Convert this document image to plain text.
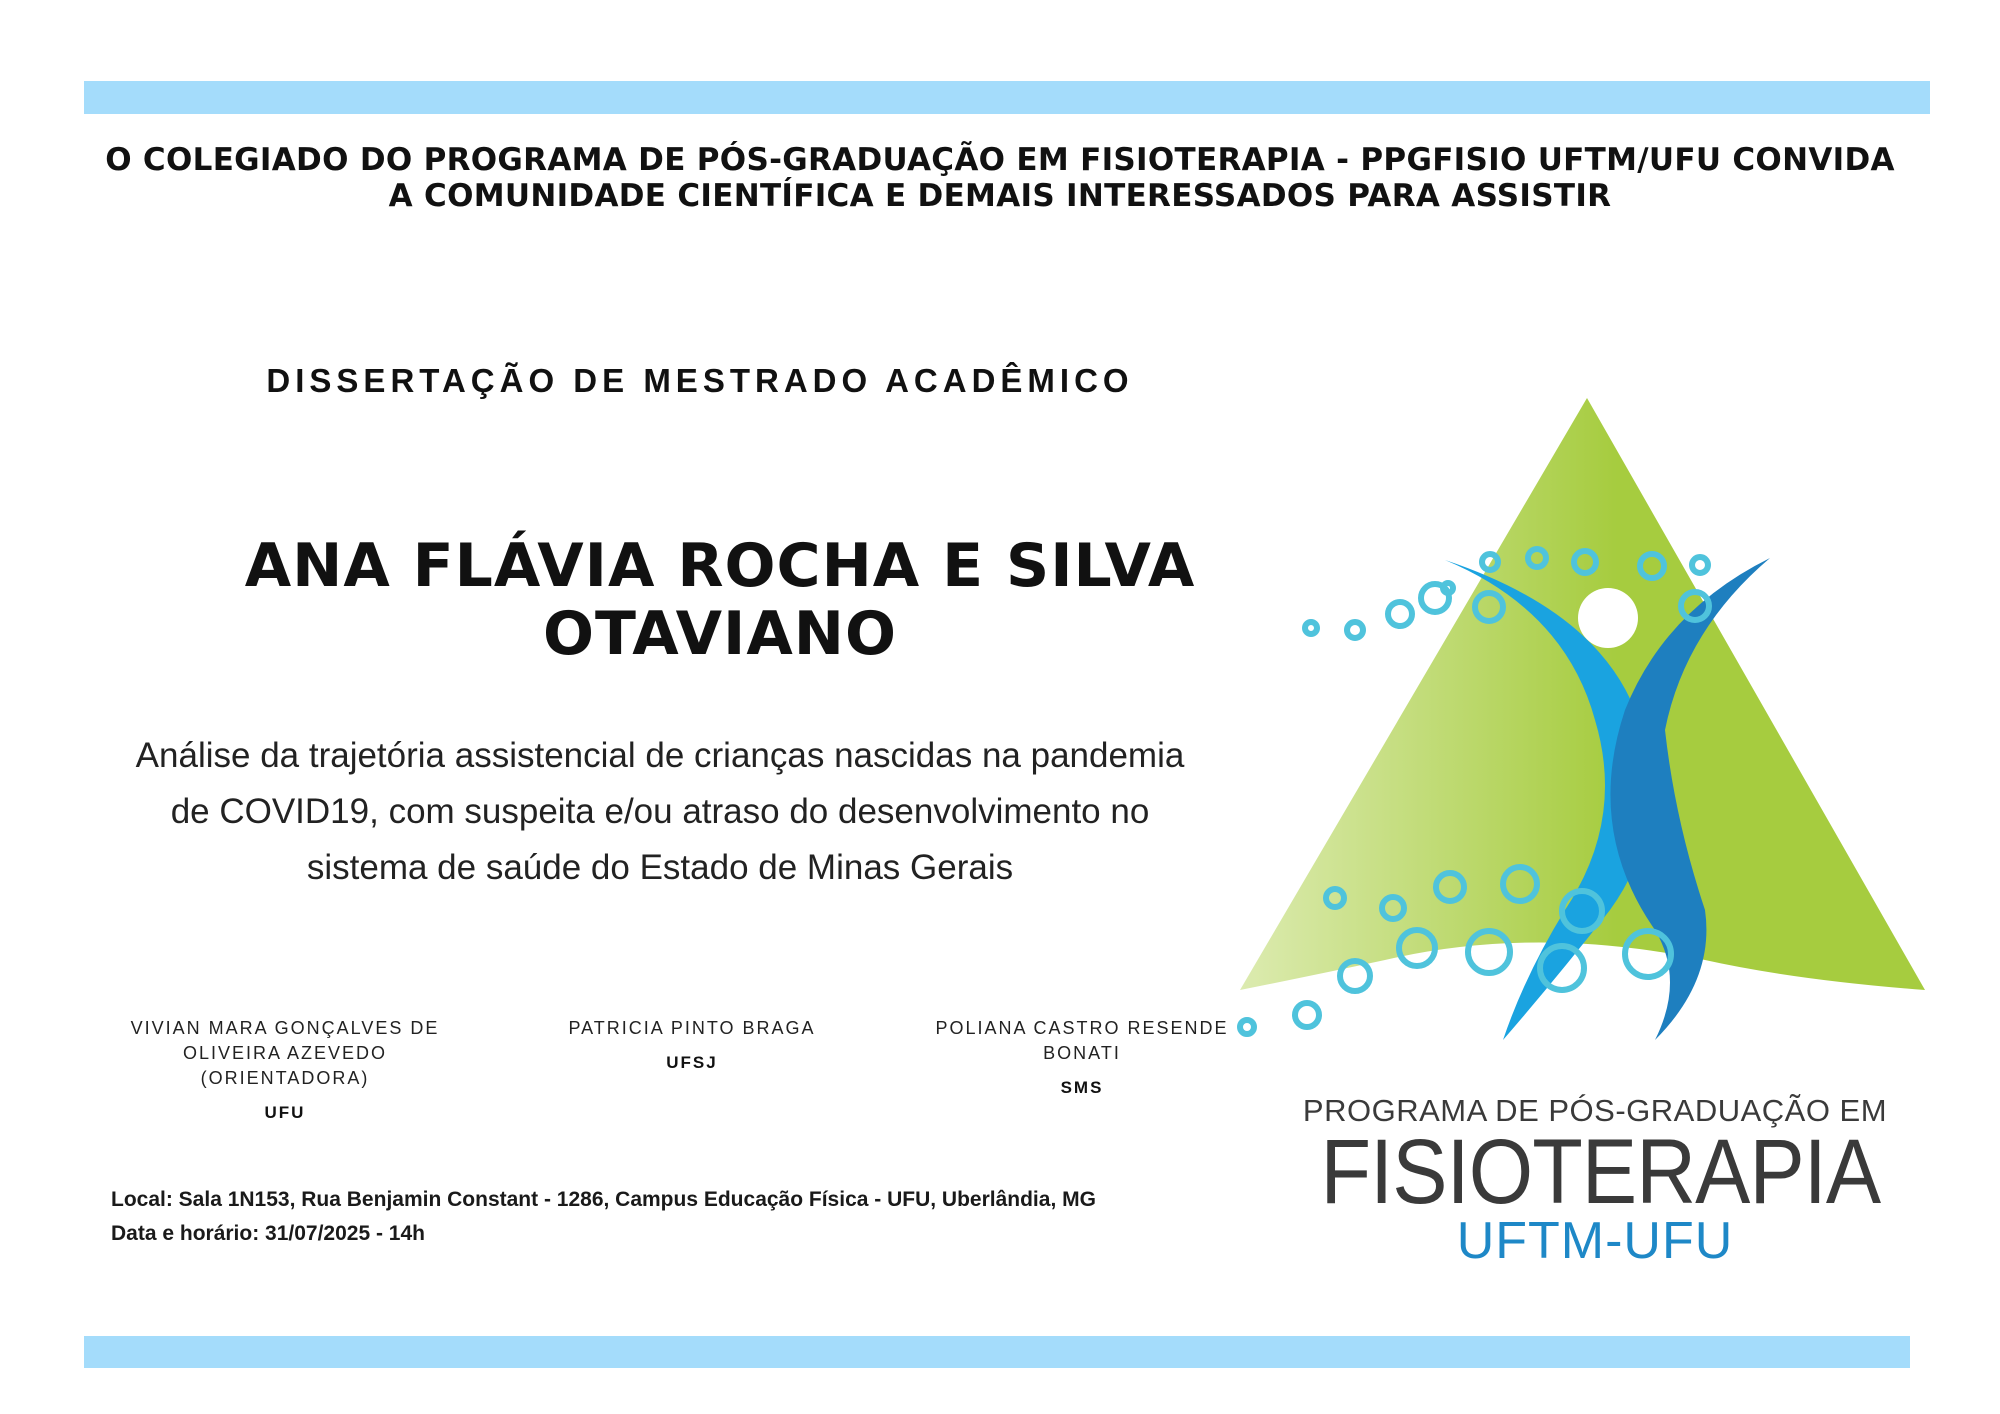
O COLEGIADO DO PROGRAMA DE PÓS-GRADUAÇÃO EM FISIOTERAPIA - PPGFISIO UFTM/UFU CONVIDA
A COMUNIDADE CIENTÍFICA E DEMAIS INTERESSADOS PARA ASSISTIR
DISSERTAÇÃO DE MESTRADO ACADÊMICO
ANA FLÁVIA ROCHA E SILVA
OTAVIANO
Análise da trajetória assistencial de crianças nascidas na pandemia
de COVID19, com suspeita e/ou atraso do desenvolvimento no
sistema de saúde do Estado de Minas Gerais
VIVIAN MARA GONÇALVES DE
OLIVEIRA AZEVEDO
(ORIENTADORA)
UFU
PATRICIA PINTO BRAGA
UFSJ
POLIANA CASTRO RESENDE
BONATI
SMS
Local: Sala 1N153, Rua Benjamin Constant - 1286, Campus Educação Física - UFU, Uberlândia, MG
Data e horário: 31/07/2025 - 14h
PROGRAMA DE PÓS-GRADUAÇÃO EM
FISIOTERAPIA
UFTM-UFU
